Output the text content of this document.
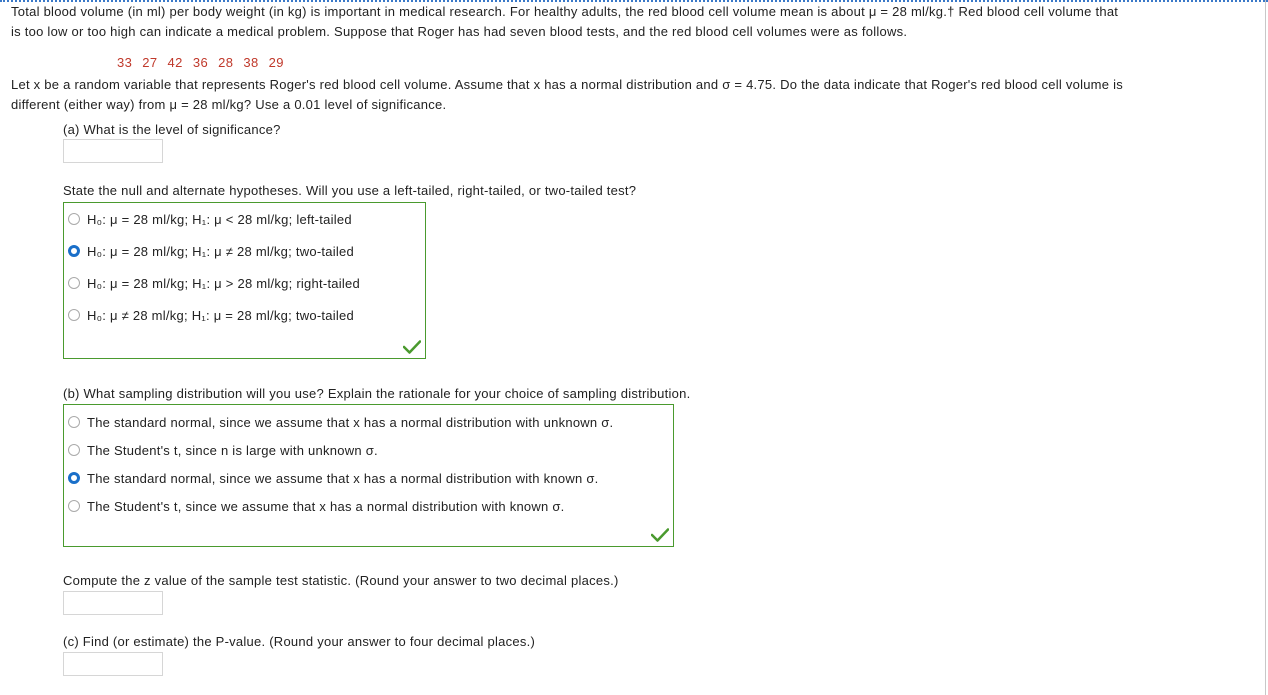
Total blood volume (in ml) per body weight (in kg) is important in medical research. For healthy adults, the red blood cell volume mean is about μ = 28 ml/kg.† Red blood cell volume that
is too low or too high can indicate a medical problem. Suppose that Roger has had seven blood tests, and the red blood cell volumes were as follows.
33 27 42 36 28 38 29
Let x be a random variable that represents Roger's red blood cell volume. Assume that x has a normal distribution and σ = 4.75. Do the data indicate that Roger's red blood cell volume is
different (either way) from μ = 28 ml/kg? Use a 0.01 level of significance.
(a) What is the level of significance?
State the null and alternate hypotheses. Will you use a left-tailed, right-tailed, or two-tailed test?
H₀: μ = 28 ml/kg; H₁: μ < 28 ml/kg; left-tailed
H₀: μ = 28 ml/kg; H₁: μ ≠ 28 ml/kg; two-tailed
H₀: μ = 28 ml/kg; H₁: μ > 28 ml/kg; right-tailed
H₀: μ ≠ 28 ml/kg; H₁: μ = 28 ml/kg; two-tailed
(b) What sampling distribution will you use? Explain the rationale for your choice of sampling distribution.
The standard normal, since we assume that x has a normal distribution with unknown σ.
The Student's t, since n is large with unknown σ.
The standard normal, since we assume that x has a normal distribution with known σ.
The Student's t, since we assume that x has a normal distribution with known σ.
Compute the z value of the sample test statistic. (Round your answer to two decimal places.)
(c) Find (or estimate) the P-value. (Round your answer to four decimal places.)
